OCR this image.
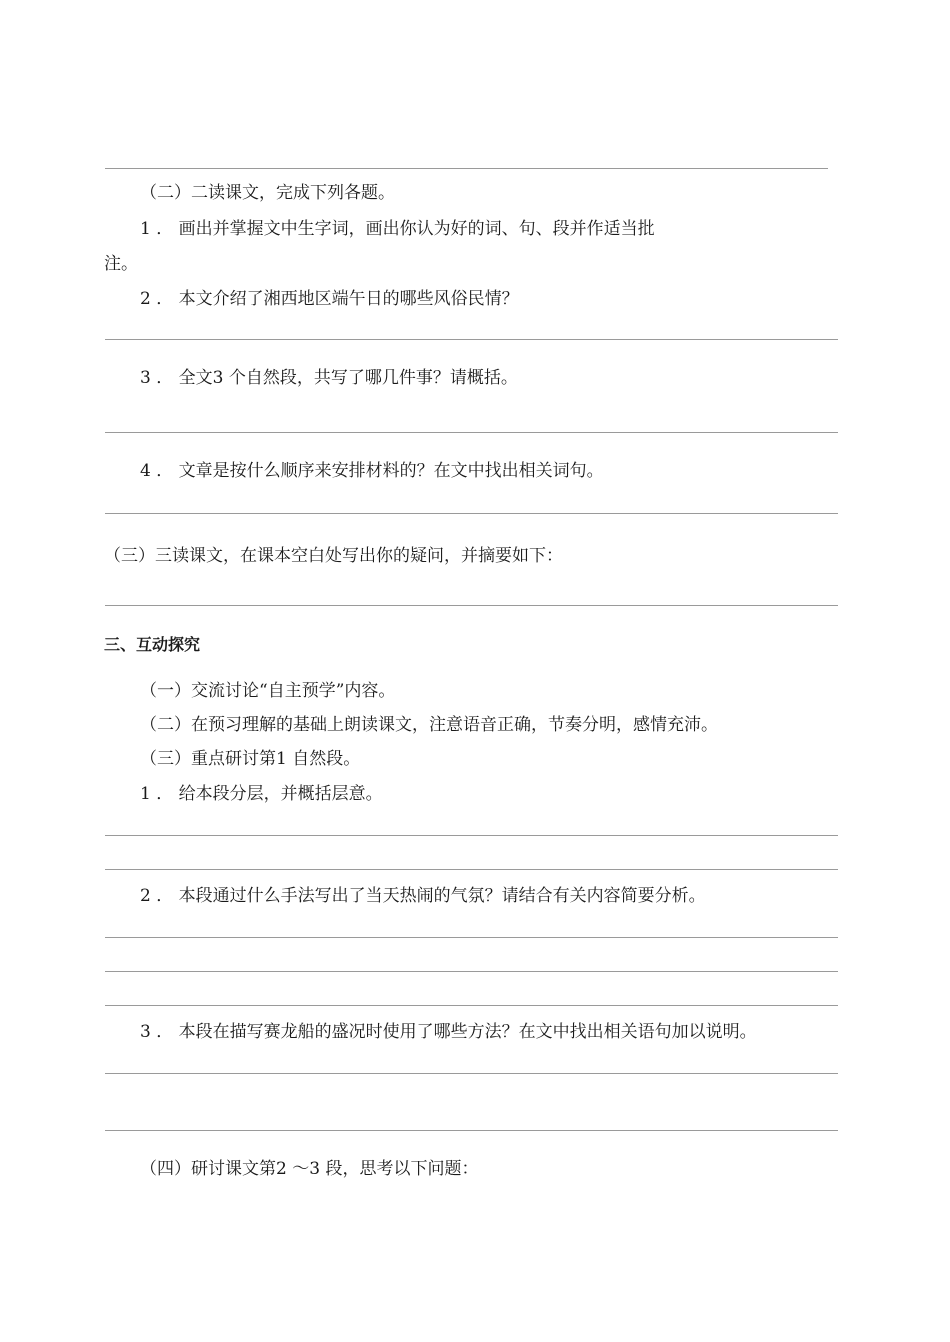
（二）二读课文，完成下列各题。
1 ． 画出并掌握文中生字词，画出你认为好的词、句、段并作适当批
注。
2 ． 本文介绍了湘西地区端午日的哪些风俗民情？
3 ． 全文3 个自然段，共写了哪几件事？请概括。
4 ． 文章是按什么顺序来安排材料的？在文中找出相关词句。
（三）三读课文，在课本空白处写出你的疑问，并摘要如下：
三、互动探究
（一）交流讨论“自主预学”内容。
（二）在预习理解的基础上朗读课文，注意语音正确，节奏分明，感情充沛。
（三）重点研讨第1 自然段。
1 ． 给本段分层，并概括层意。
2 ． 本段通过什么手法写出了当天热闹的气氛？请结合有关内容简要分析。
3 ． 本段在描写赛龙船的盛况时使用了哪些方法？在文中找出相关语句加以说明。
（四）研讨课文第2 ～3 段，思考以下问题：
